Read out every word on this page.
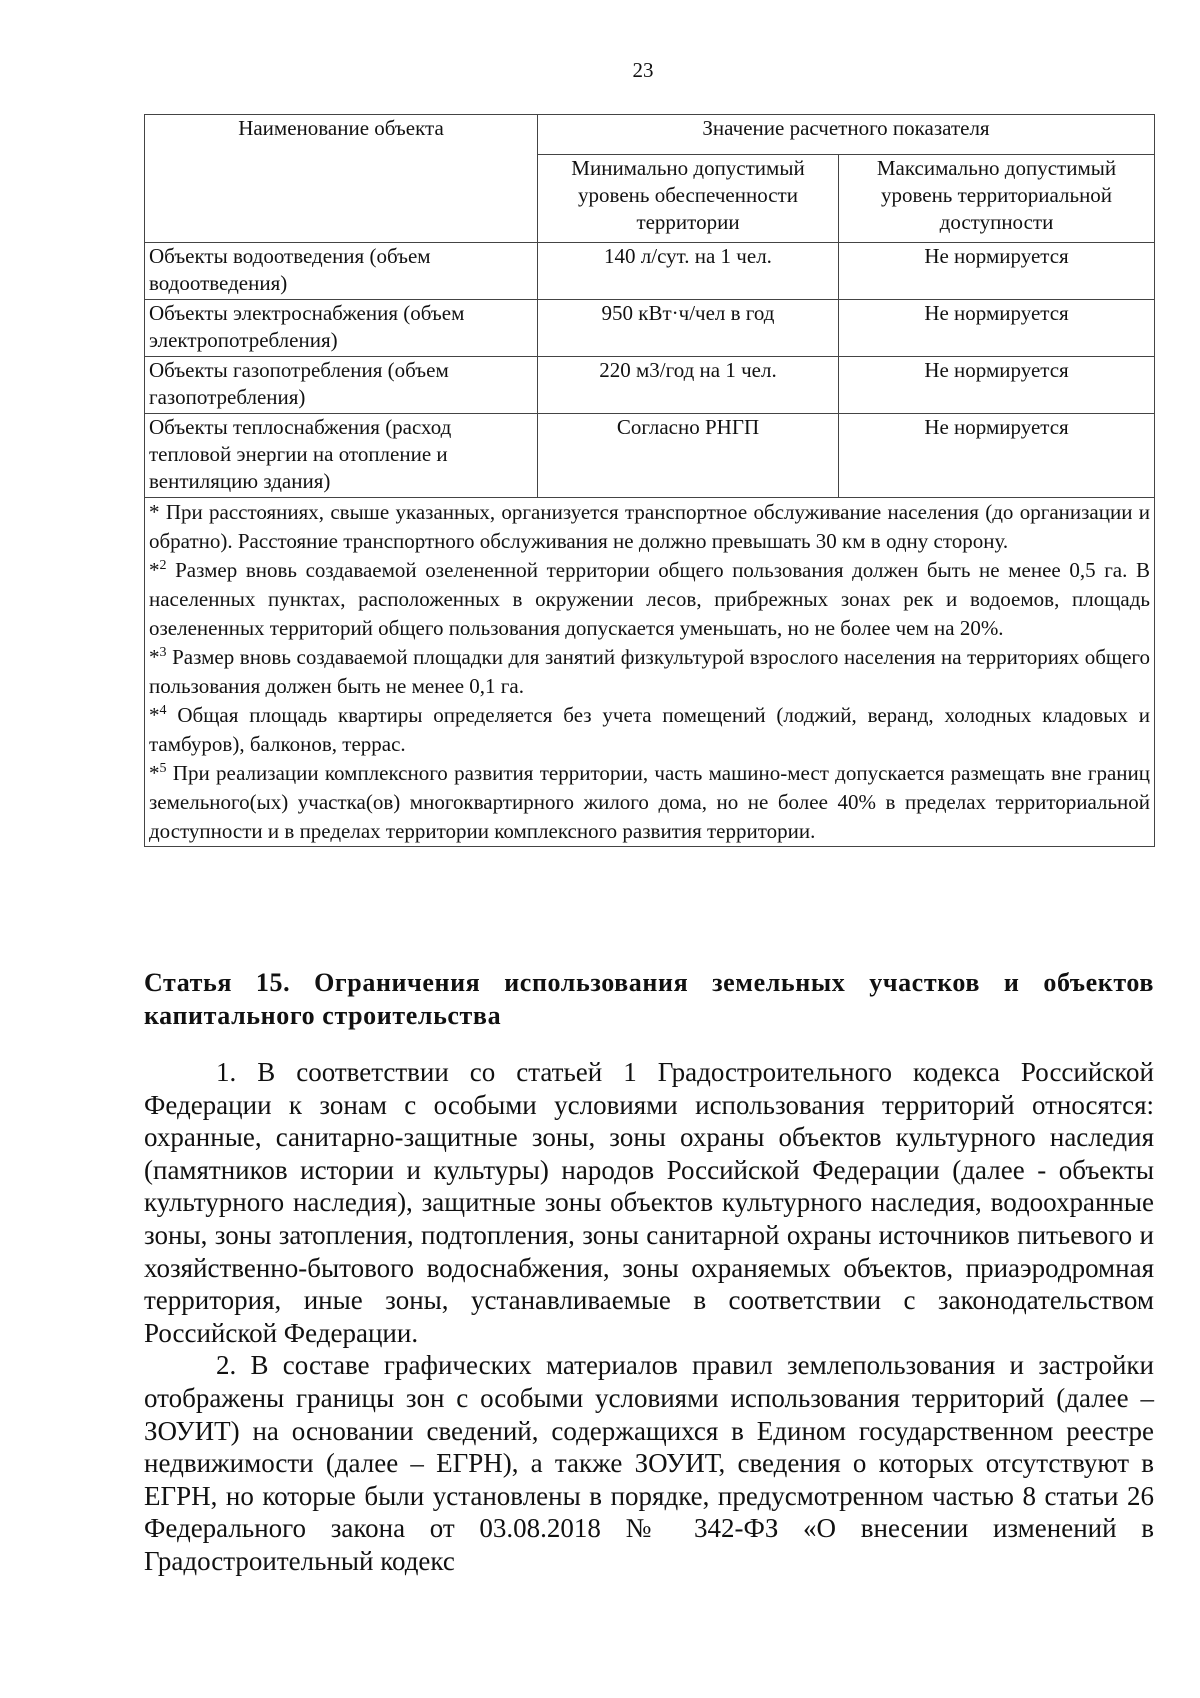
23
Наименование объекта	Значение расчетного показателя	
	Минимально допустимый уровень обеспеченности территории	Максимально допустимый уровень территориальной доступности
Объекты водоотведения (объем водоотведения)	140 л/сут. на 1 чел.	Не нормируется
Объекты электроснабжения (объем электропотребления)	950 кВт·ч/чел в год	Не нормируется
Объекты газопотребления (объем газопотребления)	220 м3/год на 1 чел.	Не нормируется
Объекты теплоснабжения (расход тепловой энергии на отопление и вентиляцию здания)	Согласно РНГП	Не нормируется

* При расстояниях, свыше указанных, организуется транспортное обслуживание населения (до организации и обратно). Расстояние транспортного обслуживания не должно превышать 30 км в одну сторону.

*$^2$ Размер вновь создаваемой озелененной территории общего пользования должен быть не менее 0,5 га. В населенных пунктах, расположенных в окружении лесов, прибрежных зонах рек и водоемов, площадь озелененных территорий общего пользования допускается уменьшать, но не более чем на 20%.

*$^3$ Размер вновь создаваемой площадки для занятий физкультурой взрослого населения на территориях общего пользования должен быть не менее 0,1 га.

*$^4$ Общая площадь квартиры определяется без учета помещений (лоджий, веранд, холодных кладовых и тамбуров), балконов, террас.

*$^5$ При реализации комплексного развития территории, часть машино-мест допускается размещать вне границ земельного(ых) участка(ов) многоквартирного жилого дома, но не более 40% в пределах территориальной доступности и в пределах территории комплексного развития территории.		

Статья 15. Ограничения использования земельных участков и объектов капитального строительства

1. В соответствии со статьей 1 Градостроительного кодекса Российской Федерации к зонам с особыми условиями использования территорий относятся: охранные, санитарно-защитные зоны, зоны охраны объектов культурного наследия (памятников истории и культуры) народов Российской Федерации (далее - объекты культурного наследия), защитные зоны объектов культурного наследия, водоохранные зоны, зоны затопления, подтопления, зоны санитарной охраны источников питьевого и хозяйственно-бытового водоснабжения, зоны охраняемых объектов, приаэродромная территория, иные зоны, устанавливаемые в соответствии с законодательством Российской Федерации.

2. В составе графических материалов правил землепользования и застройки отображены границы зон с особыми условиями использования территорий (далее – ЗОУИТ) на основании сведений, содержащихся в Едином государственном реестре недвижимости (далее – ЕГРН), а также ЗОУИТ, сведения о которых отсутствуют в ЕГРН, но которые были установлены в порядке, предусмотренном частью 8 статьи 26 Федерального закона от 03.08.2018 № 342-ФЗ «О внесении изменений в Градостроительный кодекс
